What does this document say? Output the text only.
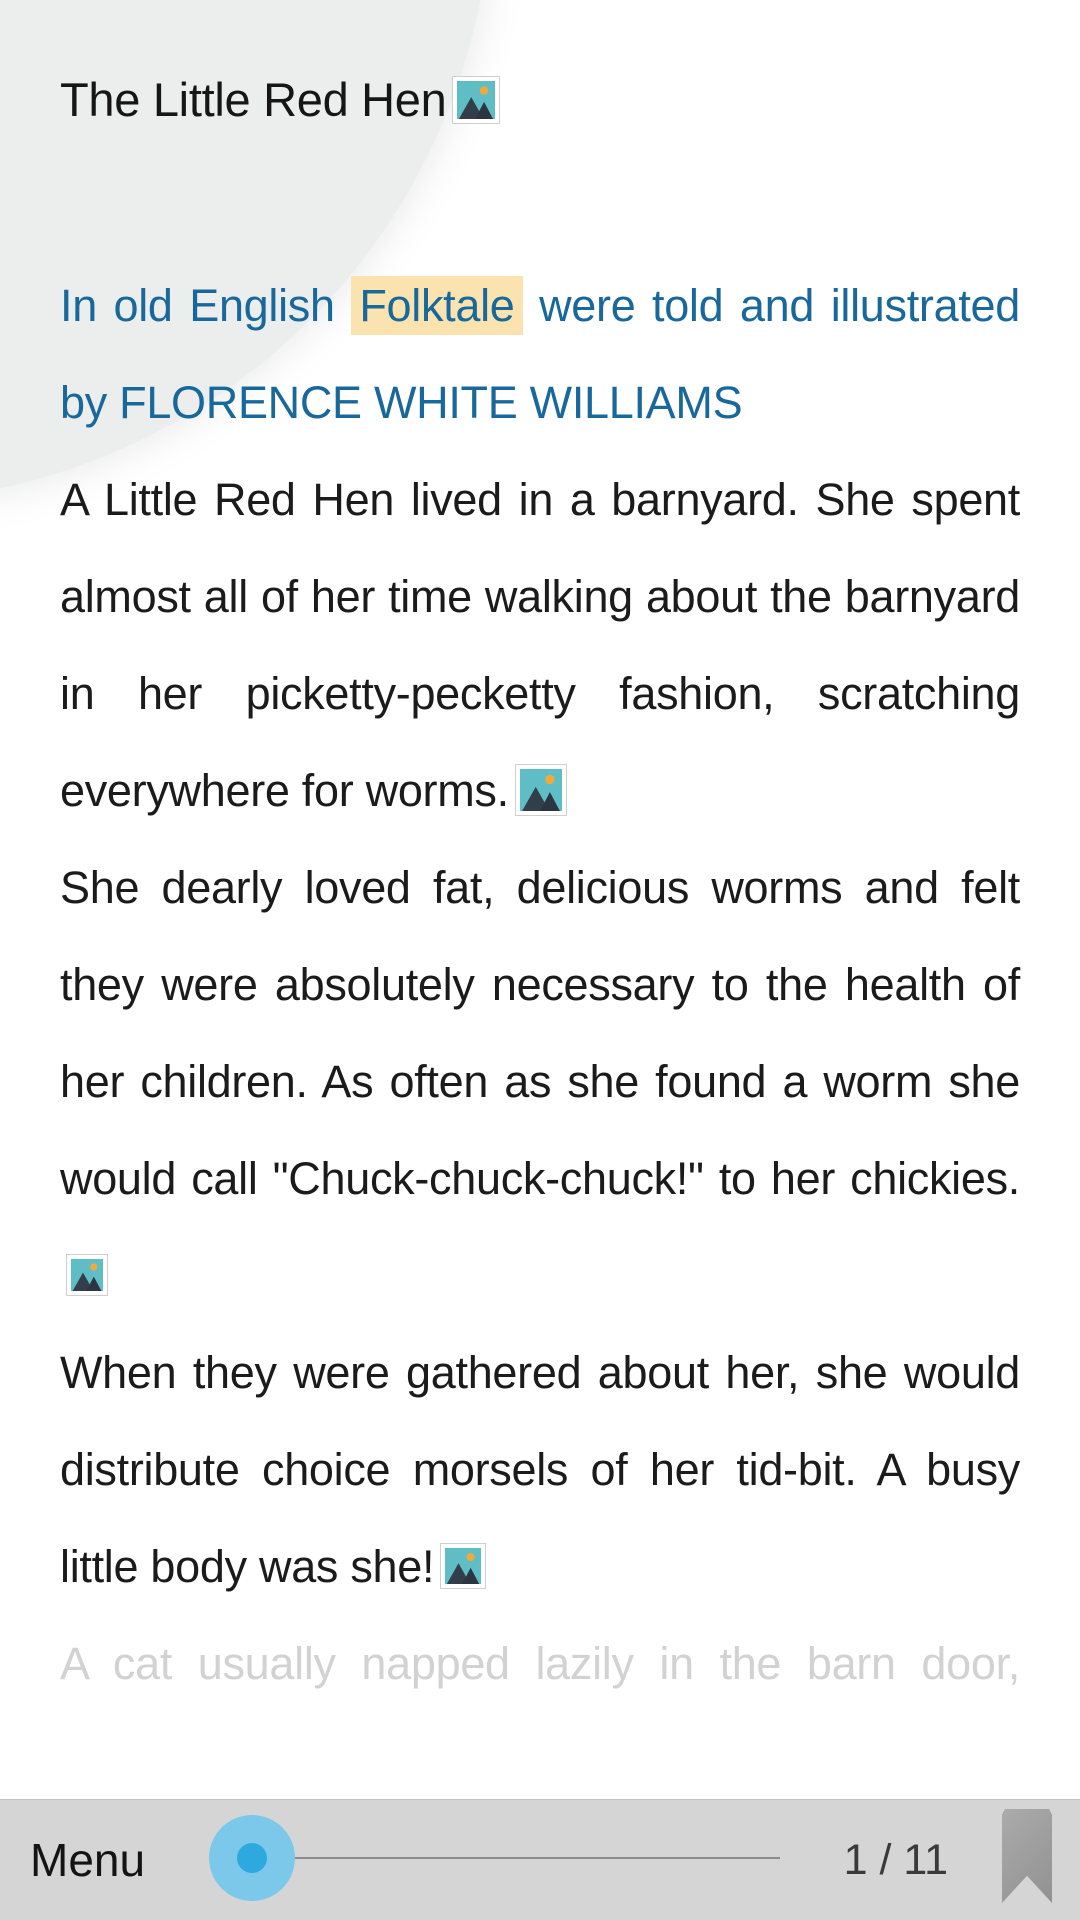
The Little Red Hen

In old English Folktale were told and illustrated by FLORENCE WHITE WILLIAMS

A Little Red Hen lived in a barnyard. She spent almost all of her time walking about the barnyard in her picketty-pecketty fashion, scratching everywhere for worms.

She dearly loved fat, delicious worms and felt they were absolutely necessary to the health of her children. As often as she found a worm she would call "Chuck-chuck-chuck!" to her chickies.

When they were gathered about her, she would distribute choice morsels of her tid-bit. A busy little body was she!

A cat usually napped lazily in the barn door,

Menu	1 / 11
